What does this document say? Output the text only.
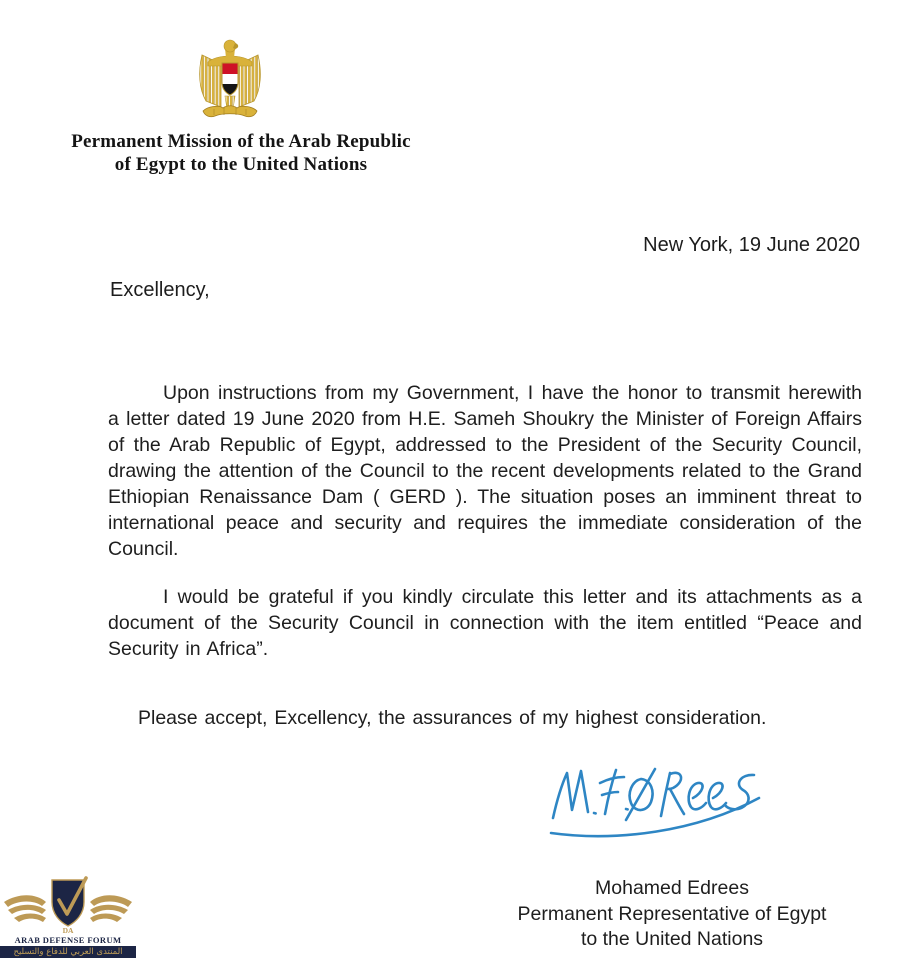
Permanent Mission of the Arab Republic
of Egypt to the United Nations
New York, 19 June 2020
Excellency,
Upon instructions from my Government, I have the honor to transmit herewith a letter dated 19 June 2020 from H.E. Sameh Shoukry the Minister of Foreign Affairs of the Arab Republic of Egypt, addressed to the President of the Security Council, drawing the attention of the Council to the recent developments related to the Grand Ethiopian Renaissance Dam ( GERD ). The situation poses an imminent threat to international peace and security and requires the immediate consideration of the Council.
I would be grateful if you kindly circulate this letter and its attachments as a document of the Security Council in connection with the item entitled “Peace and Security in Africa”.
Please accept, Excellency, the assurances of my highest consideration.
Mohamed Edrees
Permanent Representative of Egypt
to the United Nations
DA
ARAB DEFENSE FORUM
المنتدى العربي للدفاع والتسليح
